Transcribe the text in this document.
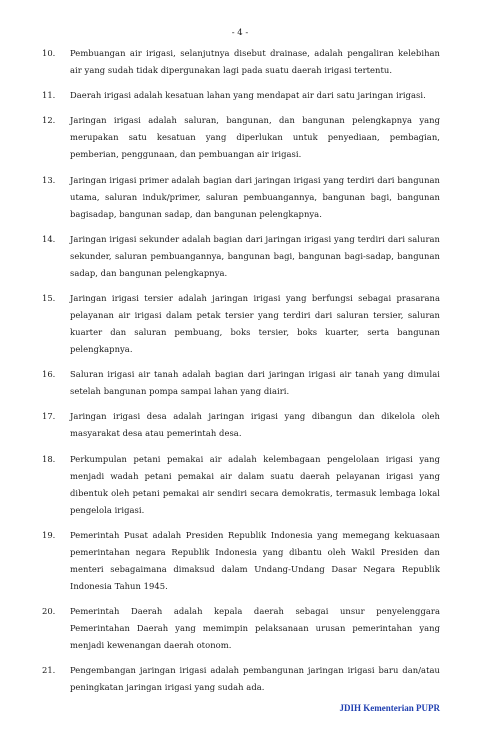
- 4 -
10.	Pembuangan air irigasi, selanjutnya disebut drainase, adalah pengaliran kelebihan air yang sudah tidak dipergunakan lagi pada suatu daerah irigasi tertentu.
11.	Daerah irigasi adalah kesatuan lahan yang mendapat air dari satu jaringan irigasi.
12.	Jaringan irigasi adalah saluran, bangunan, dan bangunan pelengkapnya yang merupakan satu kesatuan yang diperlukan untuk penyediaan, pembagian, pemberian, penggunaan, dan pembuangan air irigasi.
13.	Jaringan irigasi primer adalah bagian dari jaringan irigasi yang terdiri dari bangunan utama, saluran induk/primer, saluran pembuangannya, bangunan bagi, bangunan bagisadap, bangunan sadap, dan bangunan pelengkapnya.
14.	Jaringan irigasi sekunder adalah bagian dari jaringan irigasi yang terdiri dari saluran sekunder, saluran pembuangannya, bangunan bagi, bangunan bagi-sadap, bangunan sadap, dan bangunan pelengkapnya.
15.	Jaringan irigasi tersier adalah jaringan irigasi yang berfungsi sebagai prasarana pelayanan air irigasi dalam petak tersier yang terdiri dari saluran tersier, saluran kuarter dan saluran pembuang, boks tersier, boks kuarter, serta bangunan pelengkapnya.
16.	Saluran irigasi air tanah adalah bagian dari jaringan irigasi air tanah yang dimulai setelah bangunan pompa sampai lahan yang diairi.
17.	Jaringan irigasi desa adalah jaringan irigasi yang dibangun dan dikelola oleh masyarakat desa atau pemerintah desa.
18.	Perkumpulan petani pemakai air adalah kelembagaan pengelolaan irigasi yang menjadi wadah petani pemakai air dalam suatu daerah pelayanan irigasi yang dibentuk oleh petani pemakai air sendiri secara demokratis, termasuk lembaga lokal pengelola irigasi.
19.	Pemerintah Pusat adalah Presiden Republik Indonesia yang memegang kekuasaan pemerintahan negara Republik Indonesia yang dibantu oleh Wakil Presiden dan menteri sebagaimana dimaksud dalam Undang-Undang Dasar Negara Republik Indonesia Tahun 1945.
20.	Pemerintah Daerah adalah kepala daerah sebagai unsur penyelenggara Pemerintahan Daerah yang memimpin pelaksanaan urusan pemerintahan yang menjadi kewenangan daerah otonom.
21.	Pengembangan jaringan irigasi adalah pembangunan jaringan irigasi baru dan/atau peningkatan jaringan irigasi yang sudah ada.
JDIH Kementerian PUPR
